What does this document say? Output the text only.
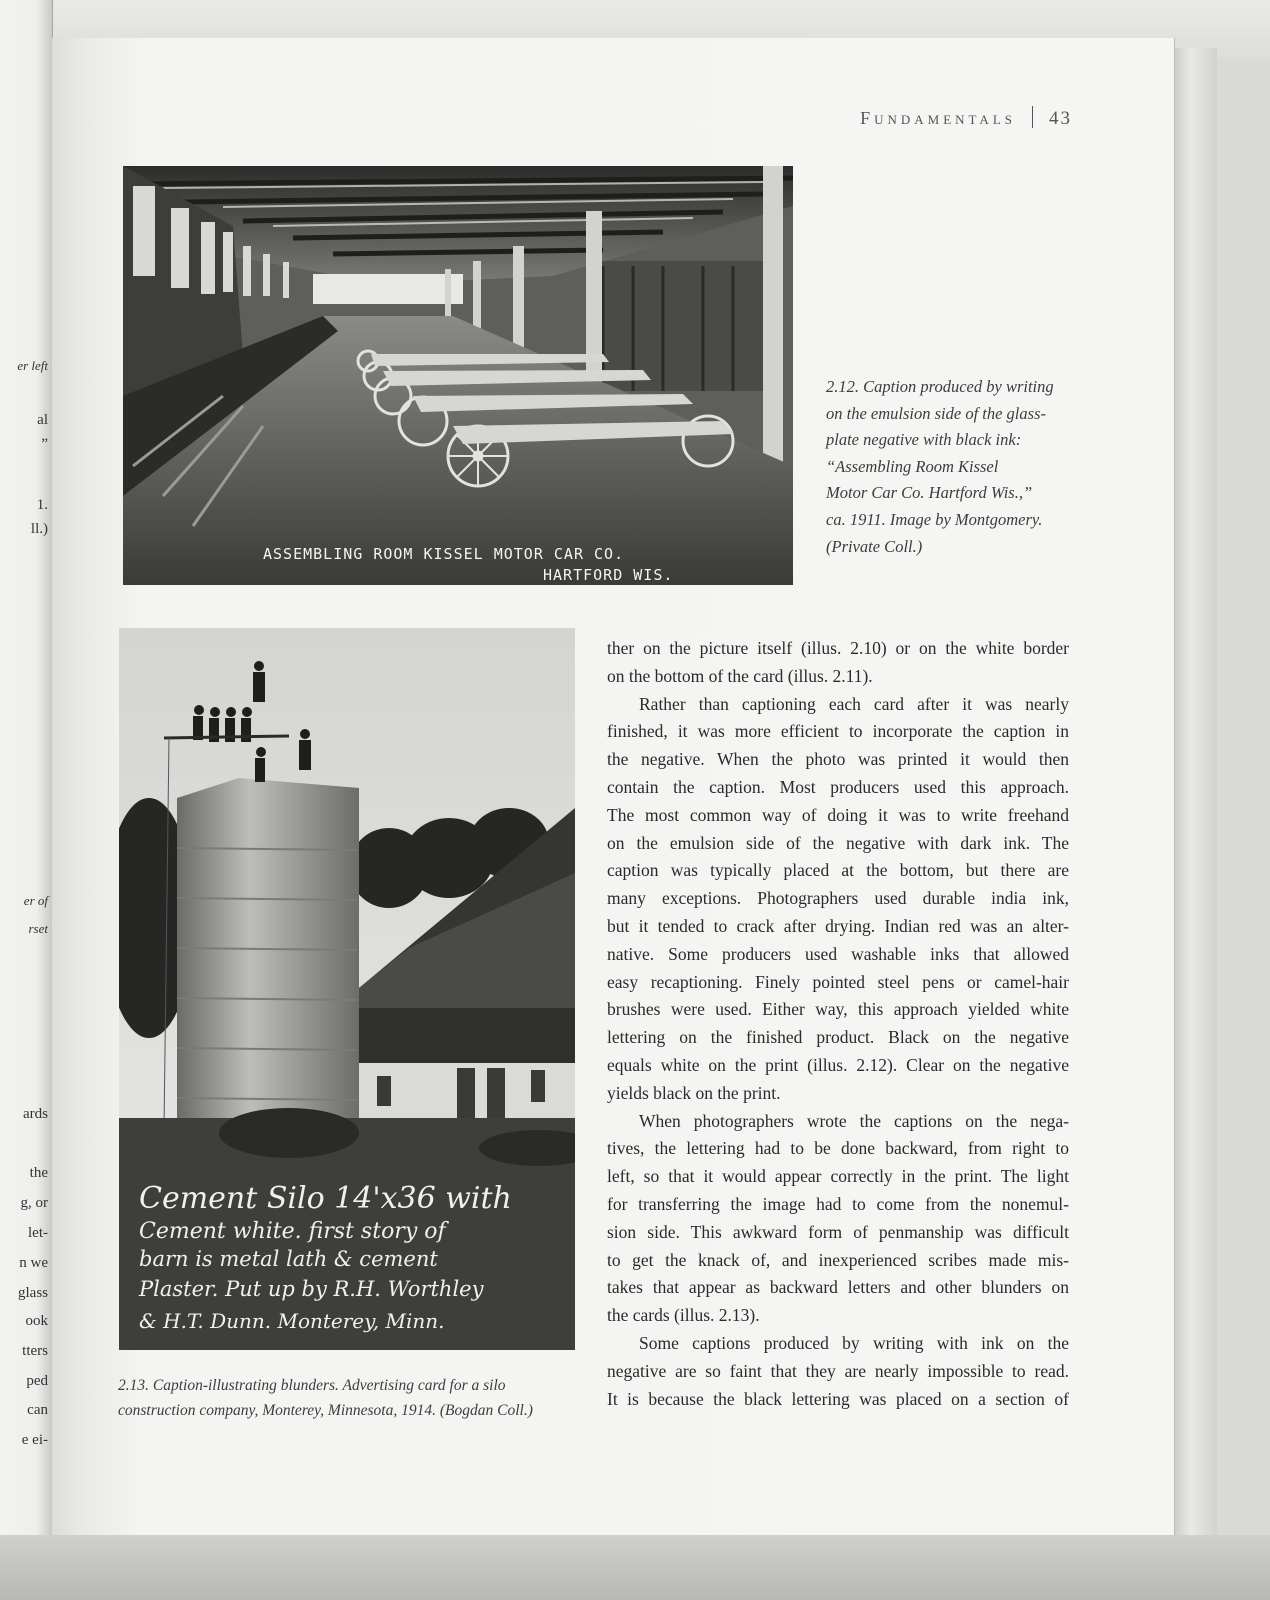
er left
al
”
1.
ll.)
er of
rset
ards
the
g, or
let-
n we
glass
ook
tters
ped
can
e ei-
Fundamentals 43
ASSEMBLING ROOM KISSEL MOTOR CAR CO.
HARTFORD WIS.
2.12. Caption produced by writing
on the emulsion side of the glass-
plate negative with black ink:
“Assembling Room Kissel
Motor Car Co. Hartford Wis.,”
ca. 1911. Image by Montgomery.
(Private Coll.)
Cement Silo 14'x36 with
Cement white. first story of
barn is metal lath & cement
Plaster. Put up by R.H. Worthley
& H.T. Dunn. Monterey, Minn.
2.13. Caption-illustrating blunders. Advertising card for a silo
construction company, Monterey, Minnesota, 1914. (Bogdan Coll.)
ther on the picture itself (illus. 2.10) or on the white border
on the bottom of the card (illus. 2.11).
Rather than captioning each card after it was nearly
finished, it was more efficient to incorporate the caption in
the negative. When the photo was printed it would then
contain the caption. Most producers used this approach.
The most common way of doing it was to write freehand
on the emulsion side of the negative with dark ink. The
caption was typically placed at the bottom, but there are
many exceptions. Photographers used durable india ink,
but it tended to crack after drying. Indian red was an alter-
native. Some producers used washable inks that allowed
easy recaptioning. Finely pointed steel pens or camel-hair
brushes were used. Either way, this approach yielded white
lettering on the finished product. Black on the negative
equals white on the print (illus. 2.12). Clear on the negative
yields black on the print.
When photographers wrote the captions on the nega-
tives, the lettering had to be done backward, from right to
left, so that it would appear correctly in the print. The light
for transferring the image had to come from the nonemul-
sion side. This awkward form of penmanship was difficult
to get the knack of, and inexperienced scribes made mis-
takes that appear as backward letters and other blunders on
the cards (illus. 2.13).
Some captions produced by writing with ink on the
negative are so faint that they are nearly impossible to read.
It is because the black lettering was placed on a section of
